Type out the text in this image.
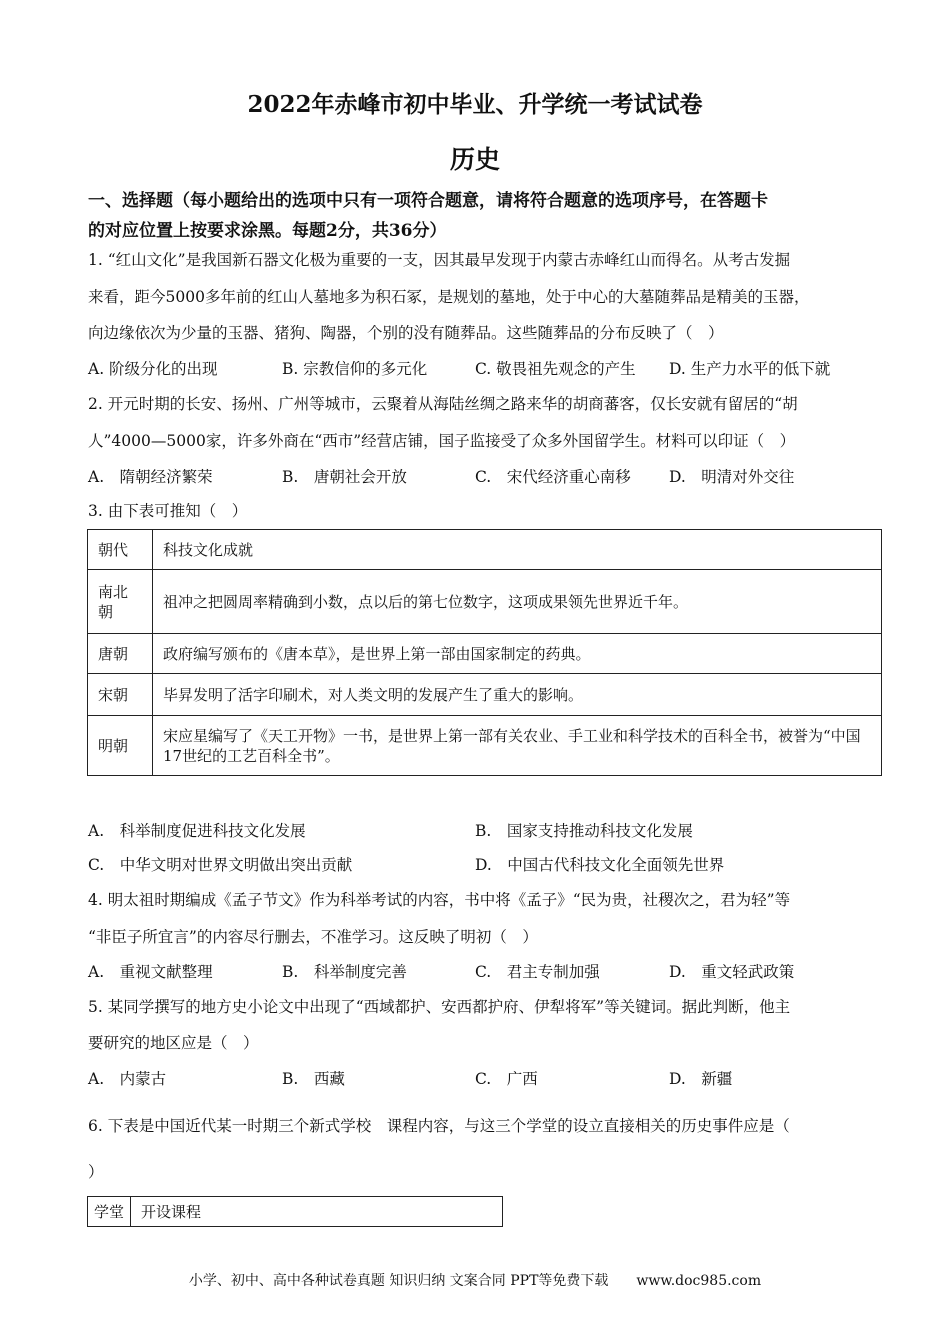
2022年赤峰市初中毕业、升学统一考试试卷
历史
一、选择题（每小题给出的选项中只有一项符合题意，请将符合题意的选项序号，在答题卡
的对应位置上按要求涂黑。每题2分，共36分）
1. “红山文化”是我国新石器文化极为重要的一支，因其最早发现于内蒙古赤峰红山而得名。从考古发掘
来看，距今5000多年前的红山人墓地多为积石冢，是规划的墓地，处于中心的大墓随葬品是精美的玉器，
向边缘依次为少量的玉器、猪狗、陶器，个别的没有随葬品。这些随葬品的分布反映了（　）
A. 阶级分化的出现	B. 宗教信仰的多元化	C. 敬畏祖先观念的产生 D. 生产力水平的低下就
2. 开元时期的长安、扬州、广州等城市，云聚着从海陆丝绸之路来华的胡商蕃客，仅长安就有留居的“胡
人”4000—5000家，许多外商在“西市”经营店铺，国子监接受了众多外国留学生。材料可以印证（　）
A.　隋朝经济繁荣	B.　唐朝社会开放	C.　宋代经济重心南移 D.　明清对外交往
3. 由下表可推知（　）
朝代	科技文化成就

南北朝	祖冲之把圆周率精确到小数，点以后的第七位数字，这项成果领先世界近千年。
唐朝	政府编写颁布的《唐本草》，是世界上第一部由国家制定的药典。
宋朝	毕昇发明了活字印刷术，对人类文明的发展产生了重大的影响。
明朝	宋应星编写了《天工开物》一书，是世界上第一部有关农业、手工业和科学技术的百科全书，被誉为“中国17世纪的工艺百科全书”。
A.　科举制度促进科技文化发展	B.　国家支持推动科技文化发展
C.　中华文明对世界文明做出突出贡献	D.　中国古代科技文化全面领先世界
4. 明太祖时期编成《孟子节文》作为科举考试的内容，书中将《孟子》“民为贵，社稷次之，君为轻”等
“非臣子所宜言”的内容尽行删去，不准学习。这反映了明初（　）
A.　重视文献整理	B.　科举制度完善	C.　君主专制加强	D.　重文轻武政策
5. 某同学撰写的地方史小论文中出现了“西域都护、安西都护府、伊犁将军”等关键词。据此判断，他主
要研究的地区应是（　）
A.　内蒙古	B.　西藏	C.　广西	D.　新疆
6. 下表是中国近代某一时期三个新式学校　课程内容，与这三个学堂的设立直接相关的历史事件应是（
）
学堂	开设课程
小学、初中、高中各种试卷真题 知识归纳 文案合同 PPT等免费下载　　www.doc985.com
